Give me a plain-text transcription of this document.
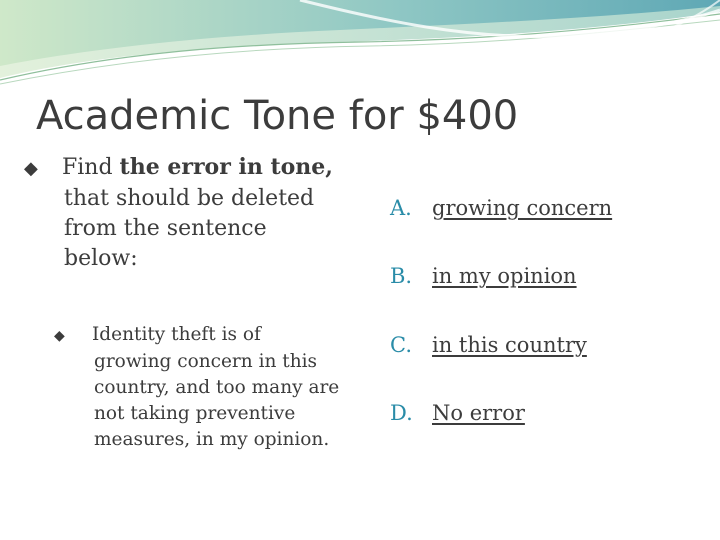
Academic Tone for $400

◆ Find the error in tone, that should be deleted from the sentence below:

◆ Identity theft is of growing concern in this country, and too many are not taking preventive measures, in my opinion.

A. growing concern
B. in my opinion
C. in this country
D. No error
